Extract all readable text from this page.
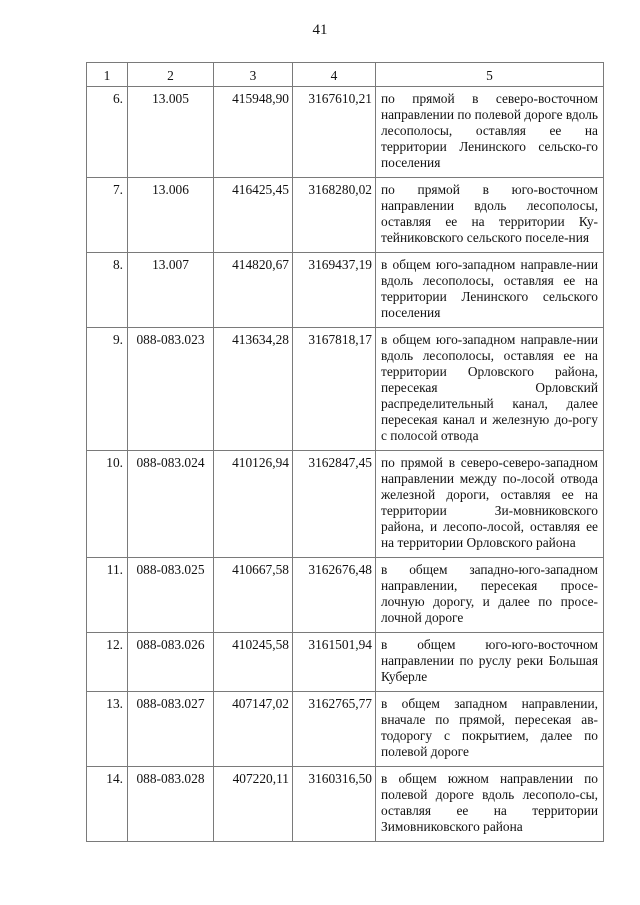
41
1	2	3	4	5
6.	13.005	415948,90	3167610,21	по прямой в северо-восточном направлении по полевой дороге вдоль лесополосы, оставляя ее на территории Ленинского сельско-го поселения
7.	13.006	416425,45	3168280,02	по прямой в юго-восточном направлении вдоль лесополосы, оставляя ее на территории Ку-тейниковского сельского поселе-ния
8.	13.007	414820,67	3169437,19	в общем юго-западном направле-нии вдоль лесополосы, оставляя ее на территории Ленинского сельского поселения
9.	088-083.023	413634,28	3167818,17	в общем юго-западном направле-нии вдоль лесополосы, оставляя ее на территории Орловского района, пересекая Орловский распределительный канал, далее пересекая канал и железную до-рогу с полосой отвода
10.	088-083.024	410126,94	3162847,45	по прямой в северо-северо-западном направлении между по-лосой отвода железной дороги, оставляя ее на территории Зи-мовниковского района, и лесопо-лосой, оставляя ее на территории Орловского района
11.	088-083.025	410667,58	3162676,48	в общем западно-юго-западном направлении, пересекая просе-лочную дорогу, и далее по просе-лочной дороге
12.	088-083.026	410245,58	3161501,94	в общем юго-юго-восточном направлении по руслу реки Большая Куберле
13.	088-083.027	407147,02	3162765,77	в общем западном направлении, вначале по прямой, пересекая ав-тодорогу с покрытием, далее по полевой дороге
14.	088-083.028	407220,11	3160316,50	в общем южном направлении по полевой дороге вдоль лесополо-сы, оставляя ее на территории Зимовниковского района
